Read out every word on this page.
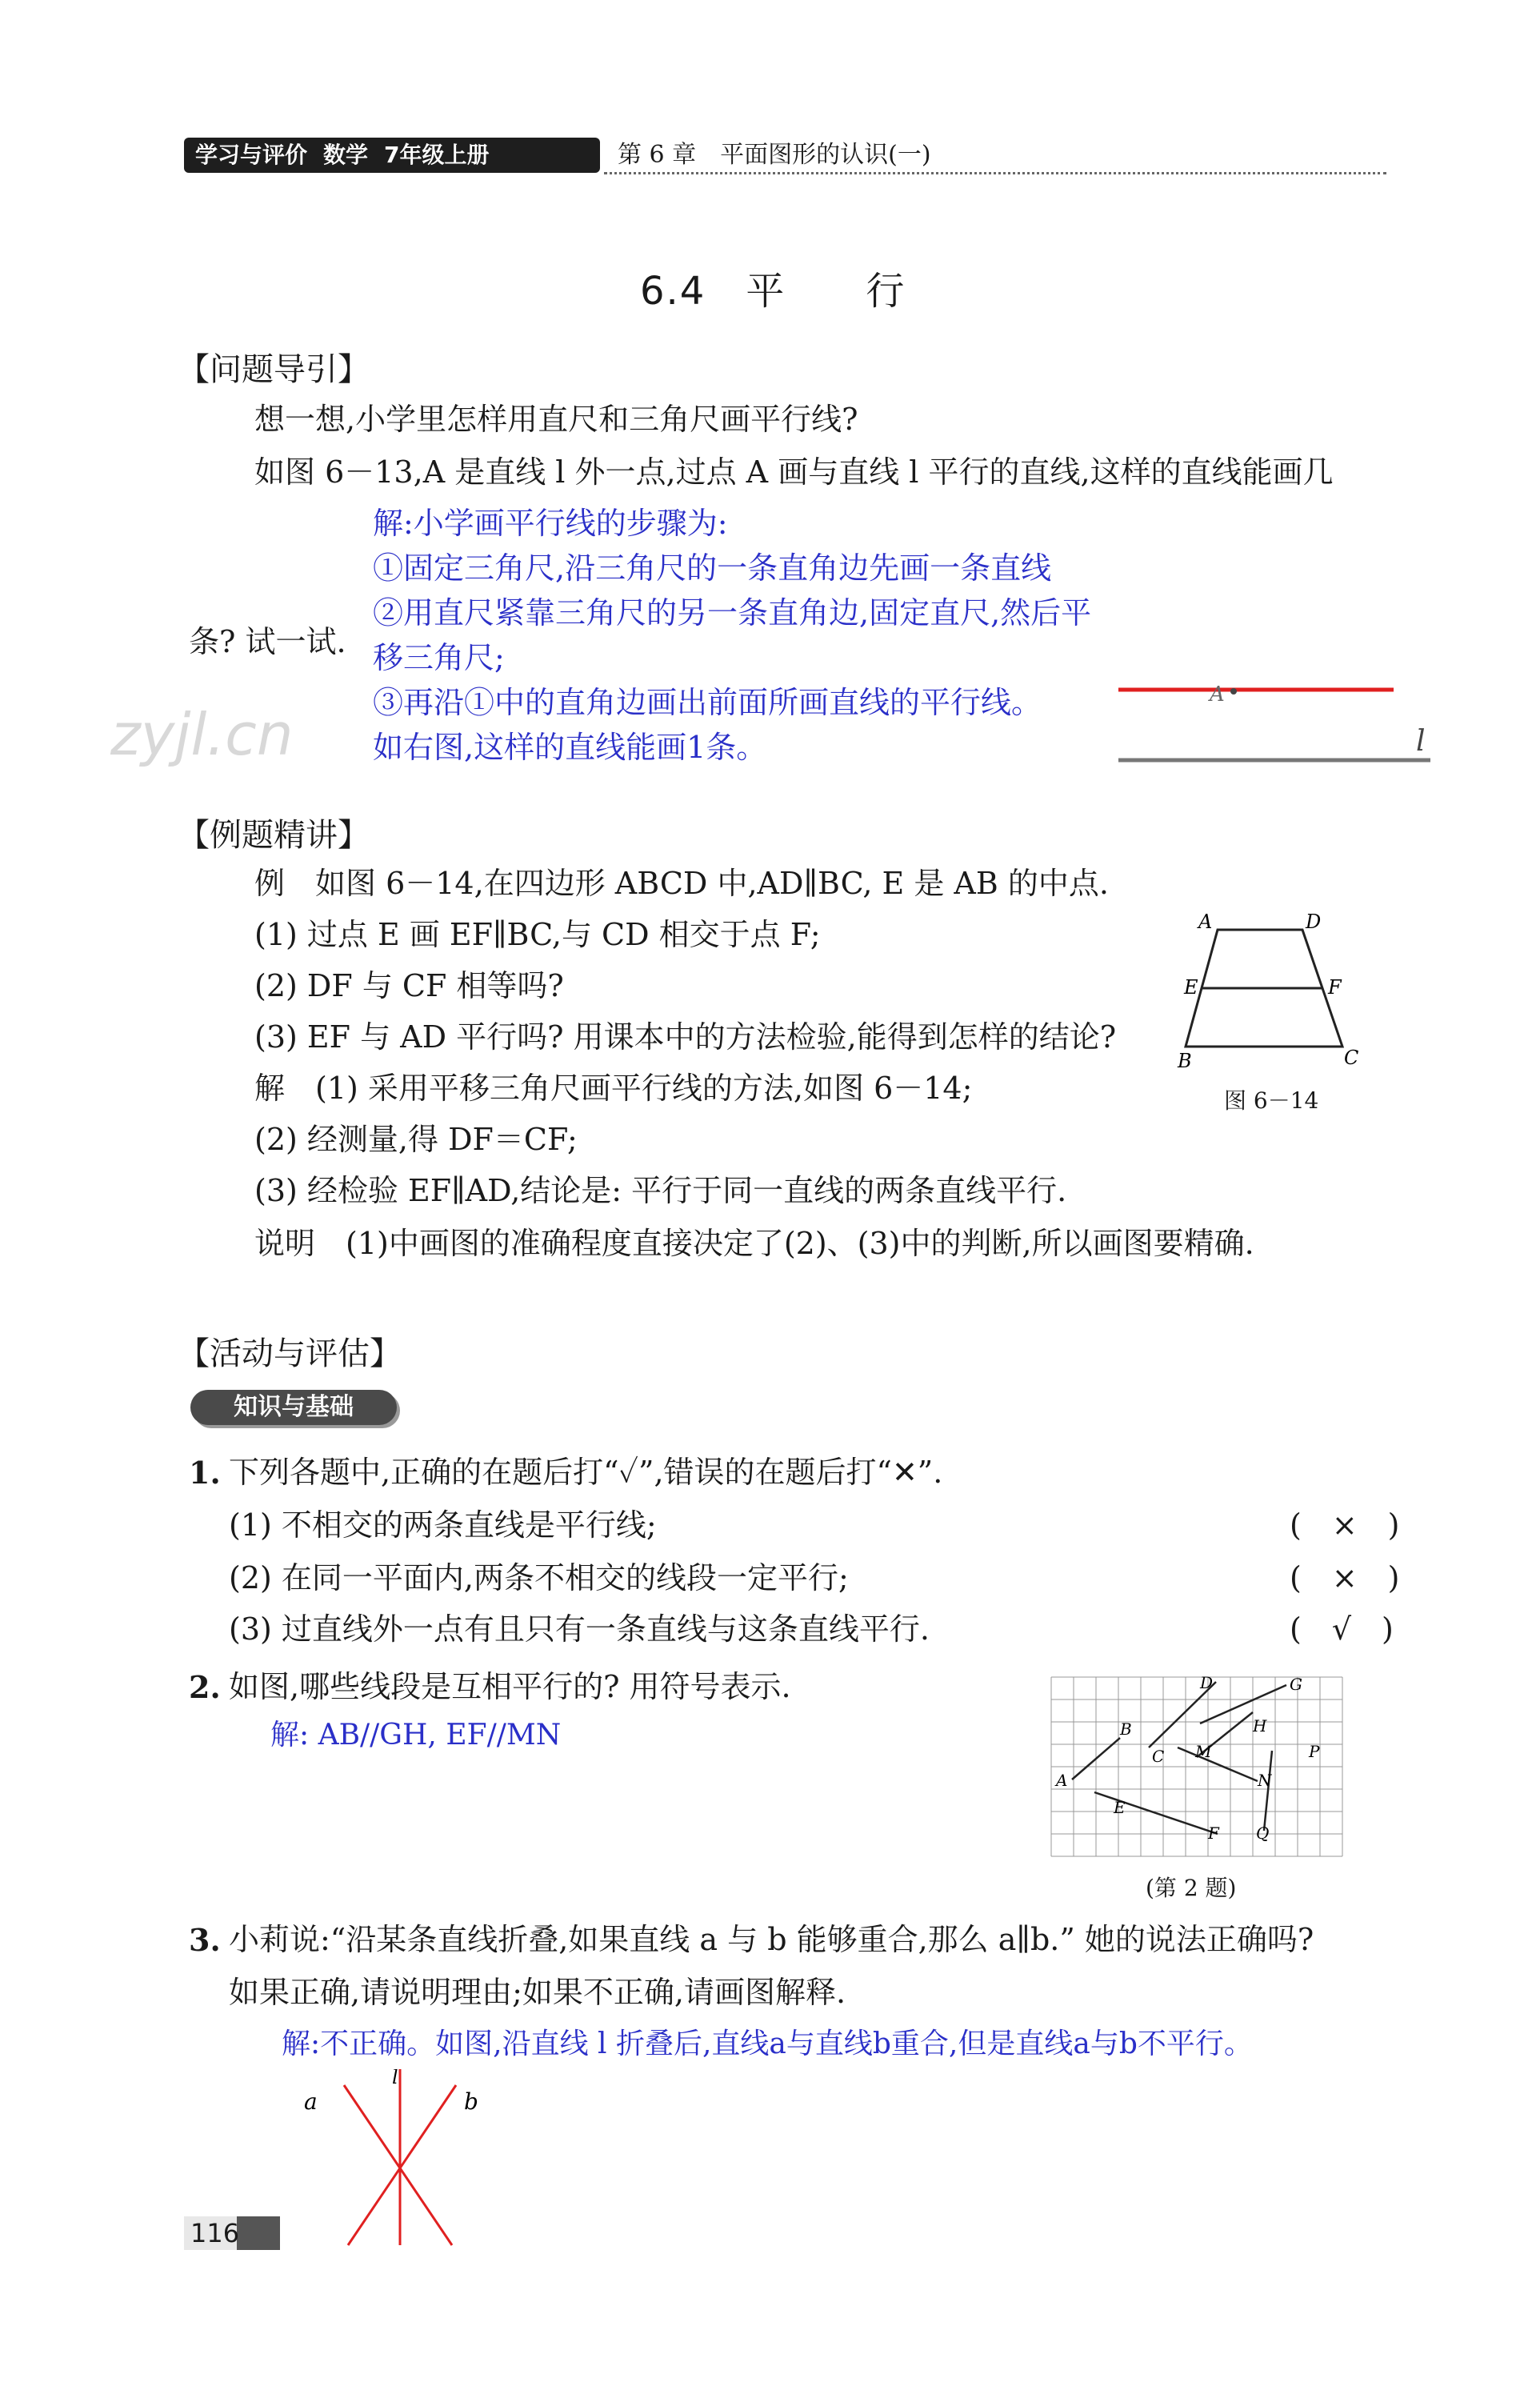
学习与评价 数学 7年级上册	第 6 章　平面图形的认识(一)
6.4　平　　行
【问题导引】
想一想,小学里怎样用直尺和三角尺画平行线?
如图 6－13,A 是直线 l 外一点,过点 A 画与直线 l 平行的直线,这样的直线能画几
条? 试一试.
解:小学画平行线的步骤为:
①固定三角尺,沿三角尺的一条直角边先画一条直线
②用直尺紧靠三角尺的另一条直角边,固定直尺,然后平
移三角尺;
③再沿①中的直角边画出前面所画直线的平行线。
如右图,这样的直线能画1条。
zyjl.cn
A
l
【例题精讲】
例　如图 6－14,在四边形 ABCD 中,AD∥BC, E 是 AB 的中点.
(1) 过点 E 画 EF∥BC,与 CD 相交于点 F;
(2) DF 与 CF 相等吗?
(3) EF 与 AD 平行吗? 用课本中的方法检验,能得到怎样的结论?
解　(1) 采用平移三角尺画平行线的方法,如图 6－14;
(2) 经测量,得 DF＝CF;
(3) 经检验 EF∥AD,结论是: 平行于同一直线的两条直线平行.
说明　(1)中画图的准确程度直接决定了(2)、(3)中的判断,所以画图要精确.
A	D
E	F
B	C
图 6－14
【活动与评估】
知识与基础
1. 下列各题中,正确的在题后打“✓”,错误的在题后打“✕”.
(1) 不相交的两条直线是平行线;	(　×　)
(2) 在同一平面内,两条不相交的线段一定平行;	(　×　)
(3) 过直线外一点有且只有一条直线与这条直线平行.	(　√　)
2. 如图,哪些线段是互相平行的? 用符号表示.
解: AB//GH, EF//MN
A
B
C
D
E
F
G
H
M
N
P
Q
(第 2 题)
3. 小莉说:“沿某条直线折叠,如果直线 a 与 b 能够重合,那么 a∥b.” 她的说法正确吗?
如果正确,请说明理由;如果不正确,请画图解释.
解:不正确。如图,沿直线 l 折叠后,直线a与直线b重合,但是直线a与b不平行。
a
l
b
116
